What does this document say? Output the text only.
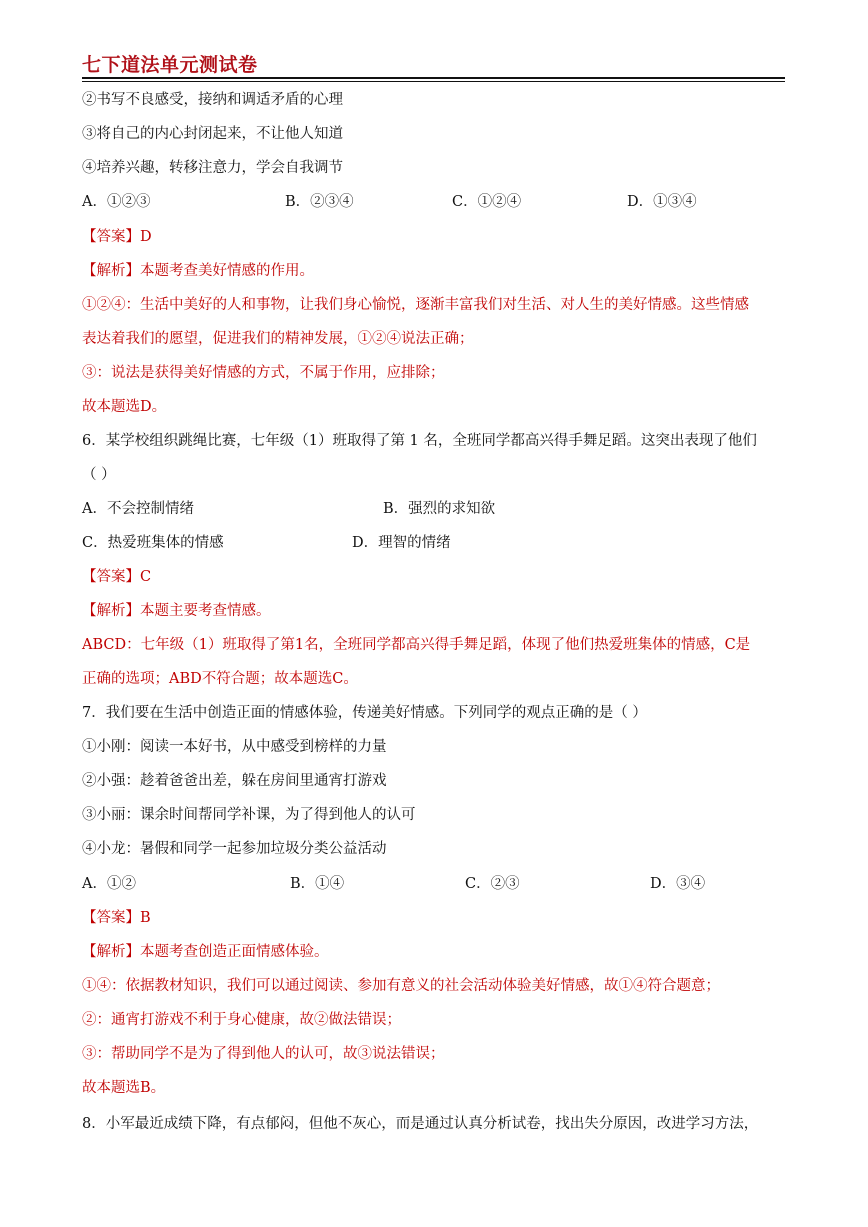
七下道法单元测试卷
②书写不良感受，接纳和调适矛盾的心理
③将自己的内心封闭起来，不让他人知道
④培养兴趣，转移注意力，学会自我调节
A．①②③	B．②③④	C．①②④	D．①③④
【答案】D
【解析】本题考查美好情感的作用。
①②④：生活中美好的人和事物，让我们身心愉悦，逐渐丰富我们对生活、对人生的美好情感。这些情感
表达着我们的愿望，促进我们的精神发展，①②④说法正确；
③：说法是获得美好情感的方式，不属于作用，应排除；
故本题选D。
6．某学校组织跳绳比赛，七年级（1）班取得了第 1 名，全班同学都高兴得手舞足蹈。这突出表现了他们
（ ）
A．不会控制情绪	B．强烈的求知欲
C．热爱班集体的情感	D．理智的情绪
【答案】C
【解析】本题主要考查情感。
ABCD：七年级（1）班取得了第1名，全班同学都高兴得手舞足蹈，体现了他们热爱班集体的情感，C是
正确的选项；ABD不符合题；故本题选C。
7．我们要在生活中创造正面的情感体验，传递美好情感。下列同学的观点正确的是（ ）
①小刚：阅读一本好书，从中感受到榜样的力量
②小强：趁着爸爸出差，躲在房间里通宵打游戏
③小丽：课余时间帮同学补课，为了得到他人的认可
④小龙：暑假和同学一起参加垃圾分类公益活动
A．①②	B．①④	C．②③	D．③④
【答案】B
【解析】本题考查创造正面情感体验。
①④：依据教材知识，我们可以通过阅读、参加有意义的社会活动体验美好情感，故①④符合题意；
②：通宵打游戏不利于身心健康，故②做法错误；
③：帮助同学不是为了得到他人的认可，故③说法错误；
故本题选B。
8．小军最近成绩下降，有点郁闷，但他不灰心，而是通过认真分析试卷，找出失分原因，改进学习方法，
